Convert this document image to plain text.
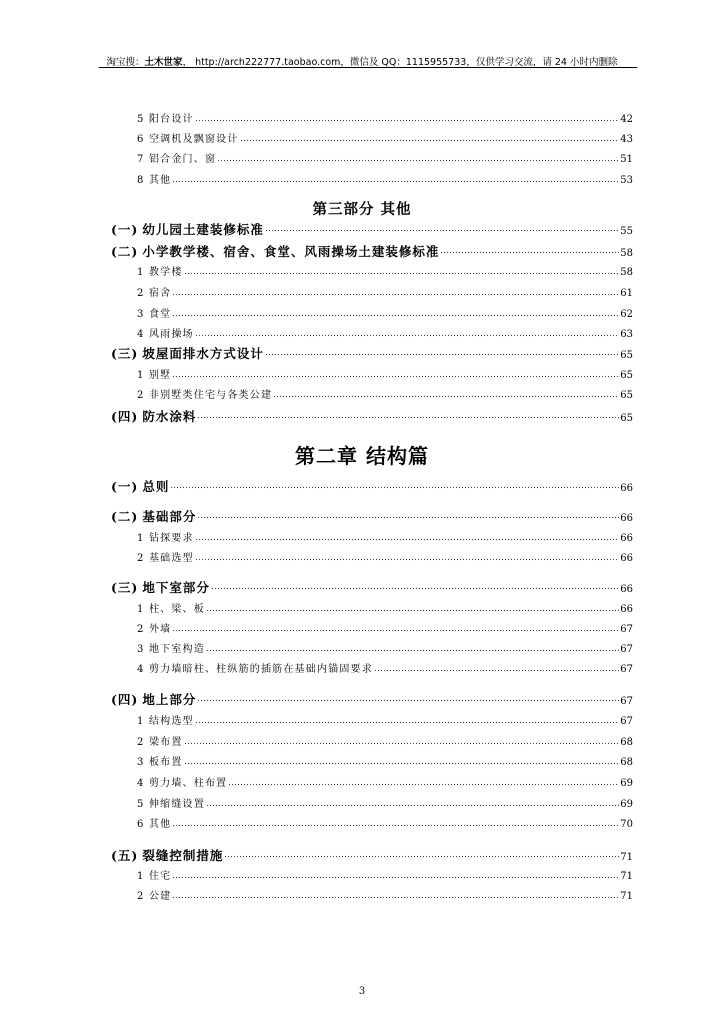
淘宝搜：土木世家， http://arch222777.taobao.com，微信及 QQ：1115955733，仅供学习交流，请 24 小时内删除
5 阳台设计	42
6 空调机及飘窗设计	43
7 铝合金门、窗	51
8 其他	53
第三部分 其他
(一) 幼儿园土建装修标准	55
(二) 小学教学楼、宿舍、食堂、风雨操场土建装修标准	58
1 教学楼	58
2 宿舍	61
3 食堂	62
4 风雨操场	63
(三) 坡屋面排水方式设计	65
1 别墅	65
2 非别墅类住宅与各类公建	65
(四) 防水涂料	65
第二章 结构篇
(一) 总则	66
(二) 基础部分	66
1 钻探要求	66
2 基础选型	66
(三) 地下室部分	66
1 柱、梁、板	66
2 外墙	67
3 地下室构造	67
4 剪力墙暗柱、柱纵筋的插筋在基础内锚固要求	67
(四) 地上部分	67
1 结构选型	67
2 梁布置	68
3 板布置	68
4 剪力墙、柱布置	69
5 伸缩缝设置	69
6 其他	70
(五) 裂缝控制措施	71
1 住宅	71
2 公建	71
3
